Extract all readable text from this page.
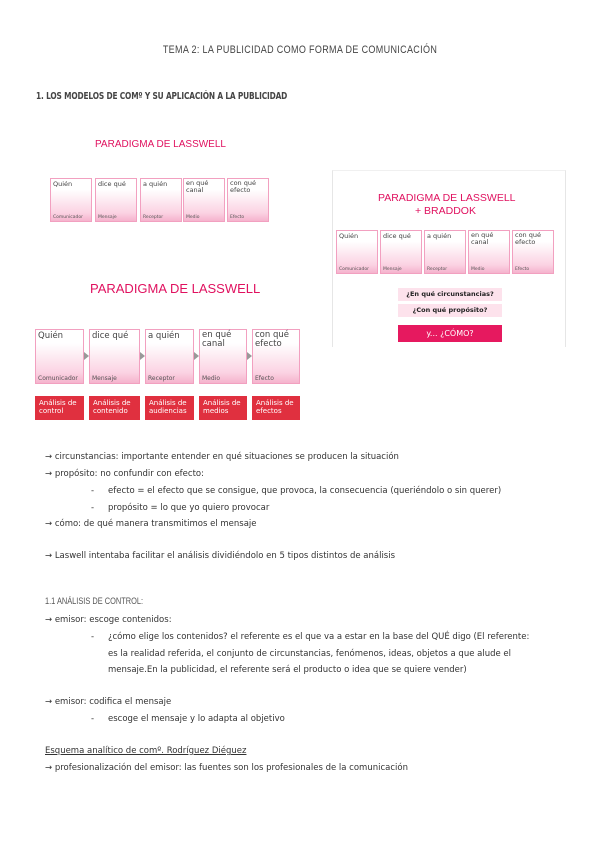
TEMA 2: LA PUBLICIDAD COMO FORMA DE COMUNICACIÓN
1. LOS MODELOS DE COMº Y SU APLICACIÓN A LA PUBLICIDAD
PARADIGMA DE LASSWELL
Quién
Comunicador
dice qué
Mensaje
a quién
Receptor
en qué canal
Medio
con qué efecto
Efecto
PARADIGMA DE LASSWELL
+ BRADDOK
Quién
Comunicador
dice qué
Mensaje
a quién
Receptor
en qué canal
Medio
con qué efecto
Efecto
¿En qué circunstancias?
¿Con qué propósito?
y... ¿CÓMO?
PARADIGMA DE LASSWELL
Quién
Comunicador
dice qué
Mensaje
a quién
Receptor
en qué canal
Medio
con qué efecto
Efecto
Análisis de control
Análisis de contenido
Análisis de audiencias
Análisis de medios
Análisis de efectos
→ circunstancias: importante entender en qué situaciones se producen la situación
→ propósito: no confundir con efecto:
- efecto = el efecto que se consigue, que provoca, la consecuencia (queriéndolo o sin querer)
- propósito = lo que yo quiero provocar
→ cómo: de qué manera transmitimos el mensaje
→ Laswell intentaba facilitar el análisis dividiéndolo en 5 tipos distintos de análisis
1.1 ANÁLISIS DE CONTROL:
→ emisor: escoge contenidos:
- ¿cómo elige los contenidos? el referente es el que va a estar en la base del QUÉ digo (El referente:
es la realidad referida, el conjunto de circunstancias, fenómenos, ideas, objetos a que alude el
mensaje.En la publicidad, el referente será el producto o idea que se quiere vender)
→ emisor: codifica el mensaje
- escoge el mensaje y lo adapta al objetivo
Esquema analítico de comº. Rodríguez Diéguez
→ profesionalización del emisor: las fuentes son los profesionales de la comunicación
